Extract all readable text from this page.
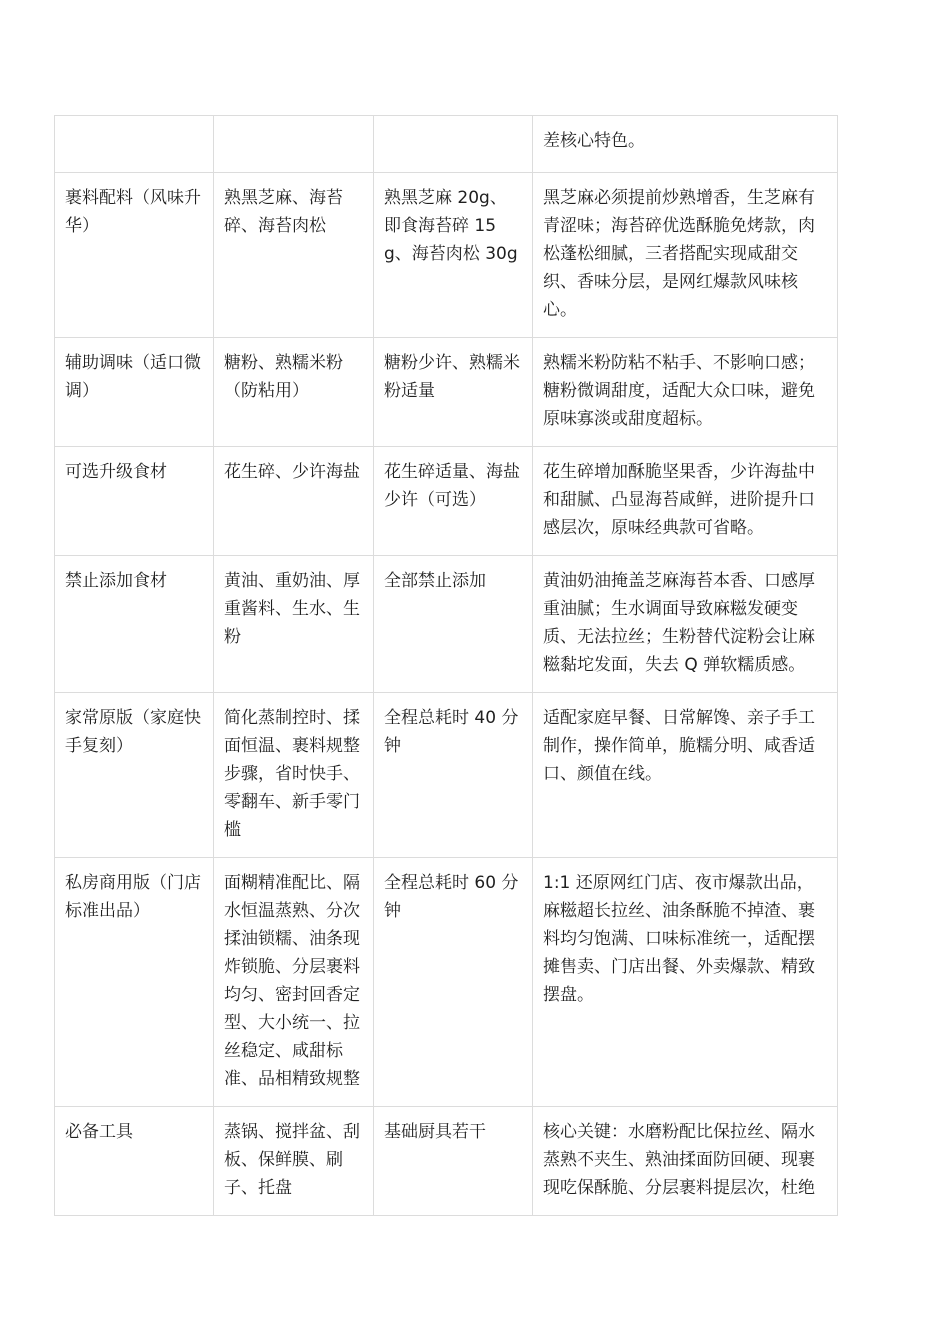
			差核心特色。
裹料配料（风味升华）	熟黑芝麻、海苔碎、海苔肉松	熟黑芝麻 20g、即食海苔碎 15g、海苔肉松 30g	黑芝麻必须提前炒熟增香，生芝麻有青涩味；海苔碎优选酥脆免烤款，肉松蓬松细腻，三者搭配实现咸甜交织、香味分层，是网红爆款风味核心。
辅助调味（适口微调）	糖粉、熟糯米粉（防粘用）	糖粉少许、熟糯米粉适量	熟糯米粉防粘不粘手、不影响口感；糖粉微调甜度，适配大众口味，避免原味寡淡或甜度超标。
可选升级食材	花生碎、少许海盐	花生碎适量、海盐少许（可选）	花生碎增加酥脆坚果香，少许海盐中和甜腻、凸显海苔咸鲜，进阶提升口感层次，原味经典款可省略。
禁止添加食材	黄油、重奶油、厚重酱料、生水、生粉	全部禁止添加	黄油奶油掩盖芝麻海苔本香、口感厚重油腻；生水调面导致麻糍发硬变质、无法拉丝；生粉替代淀粉会让麻糍黏坨发面，失去 Q 弹软糯质感。
家常原版（家庭快手复刻）	简化蒸制控时、揉面恒温、裹料规整步骤，省时快手、零翻车、新手零门槛	全程总耗时 40 分钟	适配家庭早餐、日常解馋、亲子手工制作，操作简单，脆糯分明、咸香适口、颜值在线。
私房商用版（门店标准出品）	面糊精准配比、隔水恒温蒸熟、分次揉油锁糯、油条现炸锁脆、分层裹料均匀、密封回香定型、大小统一、拉丝稳定、咸甜标准、品相精致规整	全程总耗时 60 分钟	1:1 还原网红门店、夜市爆款出品，麻糍超长拉丝、油条酥脆不掉渣、裹料均匀饱满、口味标准统一，适配摆摊售卖、门店出餐、外卖爆款、精致摆盘。
必备工具	蒸锅、搅拌盆、刮板、保鲜膜、刷子、托盘	基础厨具若干	核心关键：水磨粉配比保拉丝、隔水蒸熟不夹生、熟油揉面防回硬、现裹现吃保酥脆、分层裹料提层次，杜绝
